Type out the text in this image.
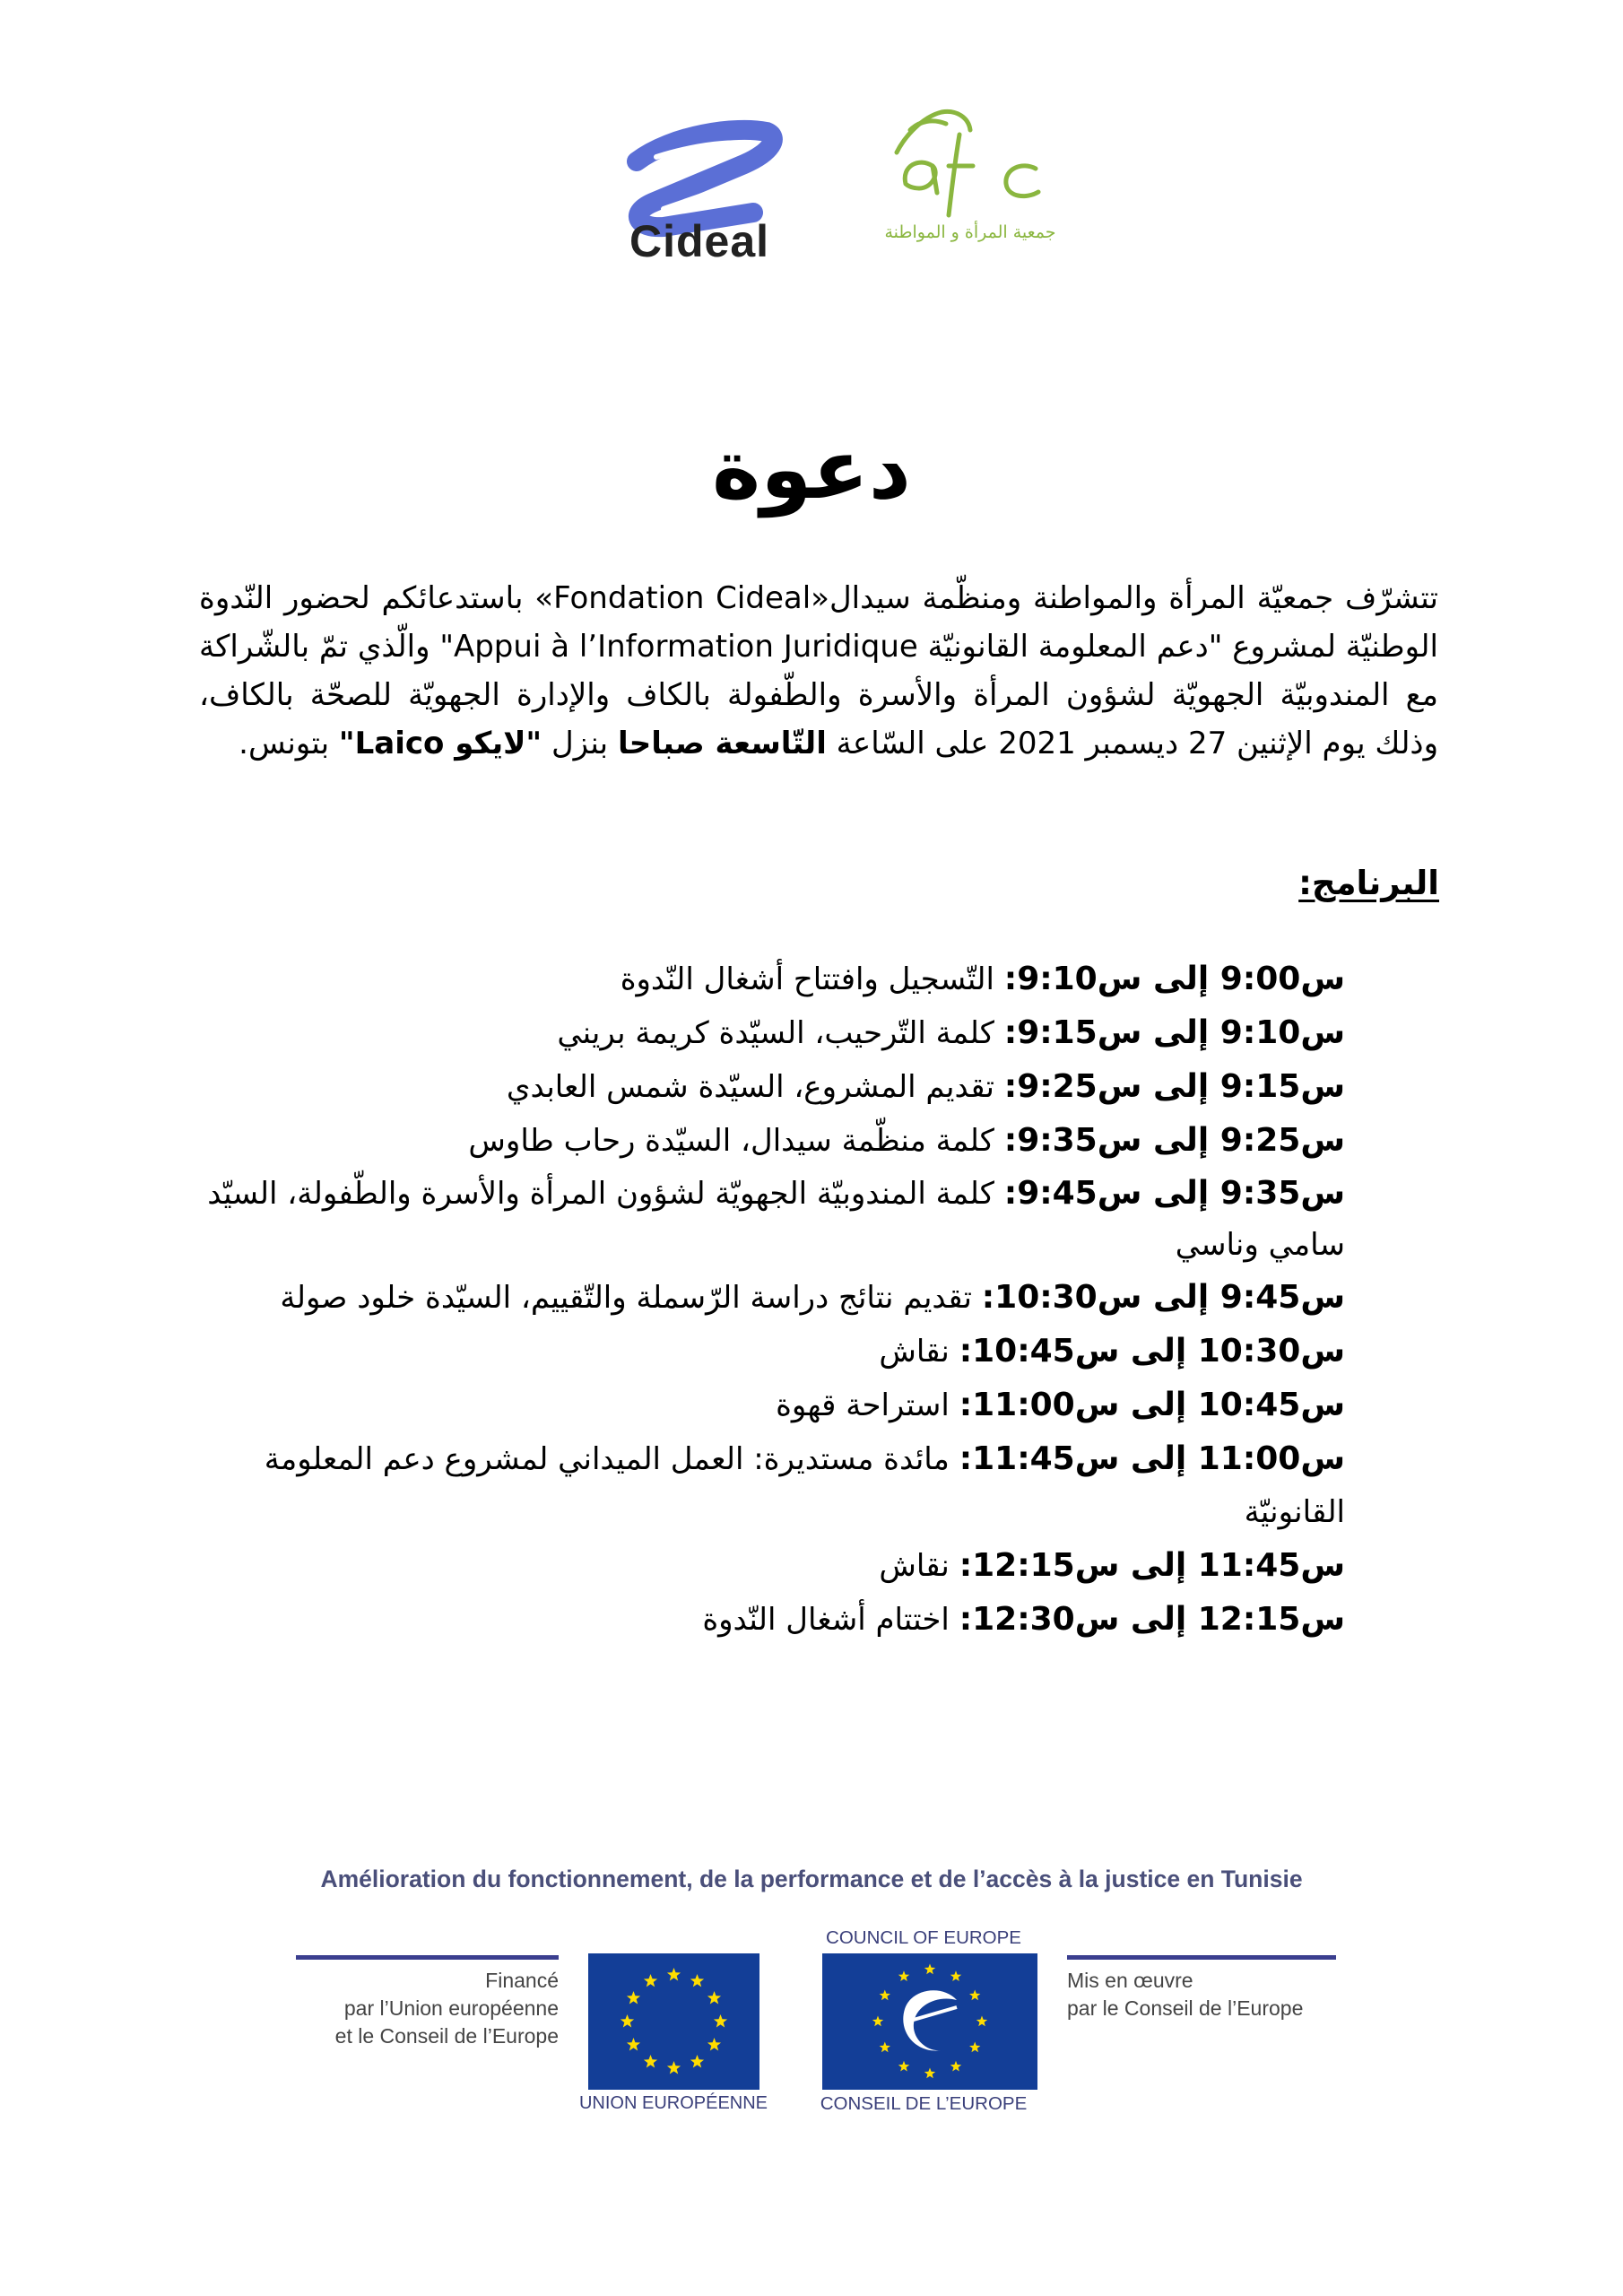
Cideal	جمعية المرأة و المواطنة
دعوة
تتشرّف جمعيّة المرأة والمواطنة ومنظّمة سيدال«Fondation Cideal» باستدعائكم لحضور النّدوة الوطنيّة لمشروع "دعم المعلومة القانونيّة Appui à l’Information Juridique" والّذي تمّ بالشّراكة مع المندوبيّة الجهويّة لشؤون المرأة والأسرة والطّفولة بالكاف والإدارة الجهويّة للصحّة بالكاف، وذلك يوم الإثنين 27 ديسمبر 2021 على السّاعة التّاسعة صباحا بنزل "لايكو Laico" بتونس.
البرنامج:
س9:00 إلى س9:10: التّسجيل وافتتاح أشغال النّدوة
س9:10 إلى س9:15: كلمة التّرحيب، السيّدة كريمة بريني
س9:15 إلى س9:25: تقديم المشروع، السيّدة شمس العابدي
س9:25 إلى س9:35: كلمة منظّمة سيدال، السيّدة رحاب طاوس
س9:35 إلى س9:45: كلمة المندوبيّة الجهويّة لشؤون المرأة والأسرة والطّفولة، السيّد سامي وناسي
س9:45 إلى س10:30: تقديم نتائج دراسة الرّسملة والتّقييم، السيّدة خلود صولة
س10:30 إلى س10:45: نقاش
س10:45 إلى س11:00: استراحة قهوة
س11:00 إلى س11:45: مائدة مستديرة: العمل الميداني لمشروع دعم المعلومة القانونيّة
س11:45 إلى س12:15: نقاش
س12:15 إلى س12:30: اختتام أشغال النّدوة
Amélioration du fonctionnement, de la performance et de l’accès à la justice en Tunisie
Financé
par l’Union européenne
et le Conseil de l’Europe
Mis en œuvre
par le Conseil de l’Europe
UNION EUROPÉENNE
COUNCIL OF EUROPE
CONSEIL DE L’EUROPE
